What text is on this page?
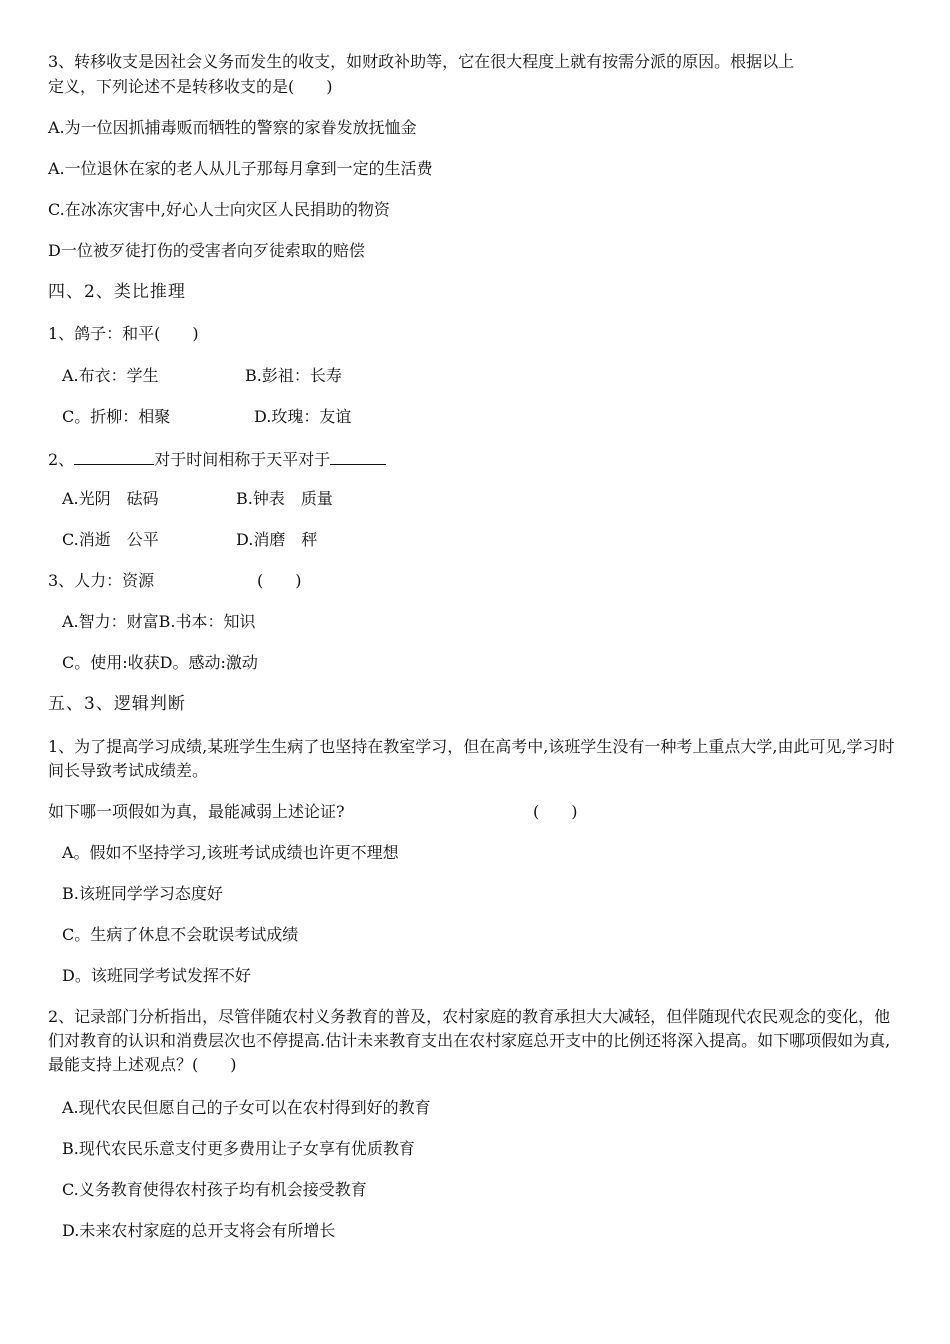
3、转移收支是因社会义务而发生的收支，如财政补助等，它在很大程度上就有按需分派的原因。根据以上
定义，下列论述不是转移收支的是(　　)
A.为一位因抓捕毒贩而牺牲的警察的家眷发放抚恤金
A.一位退休在家的老人从儿子那每月拿到一定的生活费
C.在冰冻灾害中,好心人士向灾区人民捐助的物资
D一位被歹徒打伤的受害者向歹徒索取的赔偿
四、2、类比推理
1、鸽子：和平(　　)
A.布衣：学生	B.彭祖：长寿
C。折柳：相聚	D.玫瑰：友谊
2、	对于时间相称于天平对于
A.光阴　砝码	B.钟表　质量
C.消逝　公平	D.消磨　秤
3、人力：资源	(　　)
A.智力：财富B.书本：知识
C。使用:收获D。感动:激动
五、3、逻辑判断
1、为了提高学习成绩,某班学生生病了也坚持在教室学习，但在高考中,该班学生没有一种考上重点大学,由此可见,学习时间长导致考试成绩差。
如下哪一项假如为真，最能减弱上述论证?	(　　)
A。假如不坚持学习,该班考试成绩也许更不理想
B.该班同学学习态度好
C。生病了休息不会耽误考试成绩
D。该班同学考试发挥不好
2、记录部门分析指出，尽管伴随农村义务教育的普及，农村家庭的教育承担大大减轻，但伴随现代农民观念的变化，他们对教育的认识和消费层次也不停提高.估计未来教育支出在农村家庭总开支中的比例还将深入提高。如下哪项假如为真,最能支持上述观点？(　　)
A.现代农民但愿自己的子女可以在农村得到好的教育
B.现代农民乐意支付更多费用让子女享有优质教育
C.义务教育使得农村孩子均有机会接受教育
D.未来农村家庭的总开支将会有所增长
